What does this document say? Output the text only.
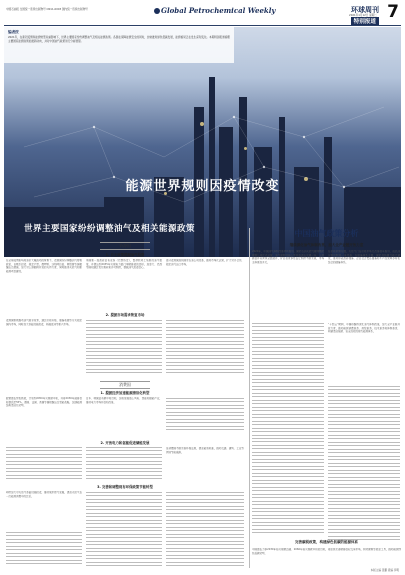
中国石油报 全国统一连续出版物号 CN11-0003 国内统一连续出版物号	Global Petrochemical Weekly	环球周刊
2021年1月12日 星期二
特别报道 7
编者按
2021年，在新冠疫情和能源转型双重影响下，世界主要国家纷纷调整油气及相关能源政策。各国在保障能源安全的同时，加快推进绿色低碳发展，能源格局正在发生深刻变化。本期特别报道梳理主要国家能源政策的最新动向，并对中国油气政策进行分析展望。
能源世界规则因疫情改变
世界主要国家纷纷调整油气及相关能源政策
资源国
1. 自主政策提振油气投资
在全球疫情影响和油价大幅波动的背景下，资源国纷纷调整油气财税政策，以吸引投资、稳定产量。俄罗斯、沙特阿拉伯、阿联酋等国相继出台措施，加大对上游勘探开发的支持力度，同时推进天然气和新能源项目建设。
美国新一届政府宣布重返《巴黎协定》，暂停联邦土地新的油气租赁，并提出到2035年实现电力部门零碳排放的目标。加拿大、巴西等国则通过优化税收和许可制度，提振油气投资信心。
部分资源国加快国家石油公司改革，推动市场化运营，扩大对外合作，稳定油气出口市场。
2. 提振市场需求恢复市场
资源国积极推动油气需求恢复，通过价格补贴、储备收储等方式稳定国内市场，同时加大基础设施投资，拓展亚洲等新兴市场。
消费国
1. 提振经济加速能源清洁化转型
欧盟提出绿色新政，计划到2050年实现碳中和，并将2030年减排目标提高至55%。德国、法国、英国等国相继出台氢能战略，加速能源结构清洁化转型。
日本、韩国宣布碳中和目标，加快发展海上风电、氢能和储能产业，推动电力市场开放和改革。
2. 开放电力和氢能促进储能发展
各消费国不断完善环保法规，提高能效标准，推动交通、建筑、工业等领域节能减排。
3. 完善和调整现有环保政策节能转型
印度加大对天然气基础设施投资，推动城市燃气发展，提高天然气在一次能源消费中的比重。
中国油气政策分析
继续深化油气体制改革，加大全产业链开放力度
2020年，中国油气体制改革持续推进。国家石油天然气管网集团有限公司正式运营，油气管网设施公平开放迈出关键一步。上游勘查开采领域全面放开，矿业权竞争性出让制度不断完善，市场主体更加多元。
在价格机制方面，天然气门站价格市场化改革稳步推进，成品油价格机制进一步完善。在储备体系方面，国家加快储气能力建设，推动形成政府储备、企业社会责任储备和生产经营库存有机结合的储备体系。
“十四五”期间，中国将继续深化油气体制改革，加大全产业链开放力度，推动能源消费革命、供给革命、技术革命和体制革命，构建清洁低碳、安全高效的现代能源体系。
完善碳税政策，构建绿色低碳的能源体系
中国提出力争2030年前实现碳达峰、2060年前实现碳中和的目标，将加快完善碳排放权交易市场，研究碳税等政策工具，推动能源绿色低碳转型。
本版主编 张鹏 责编 李明
